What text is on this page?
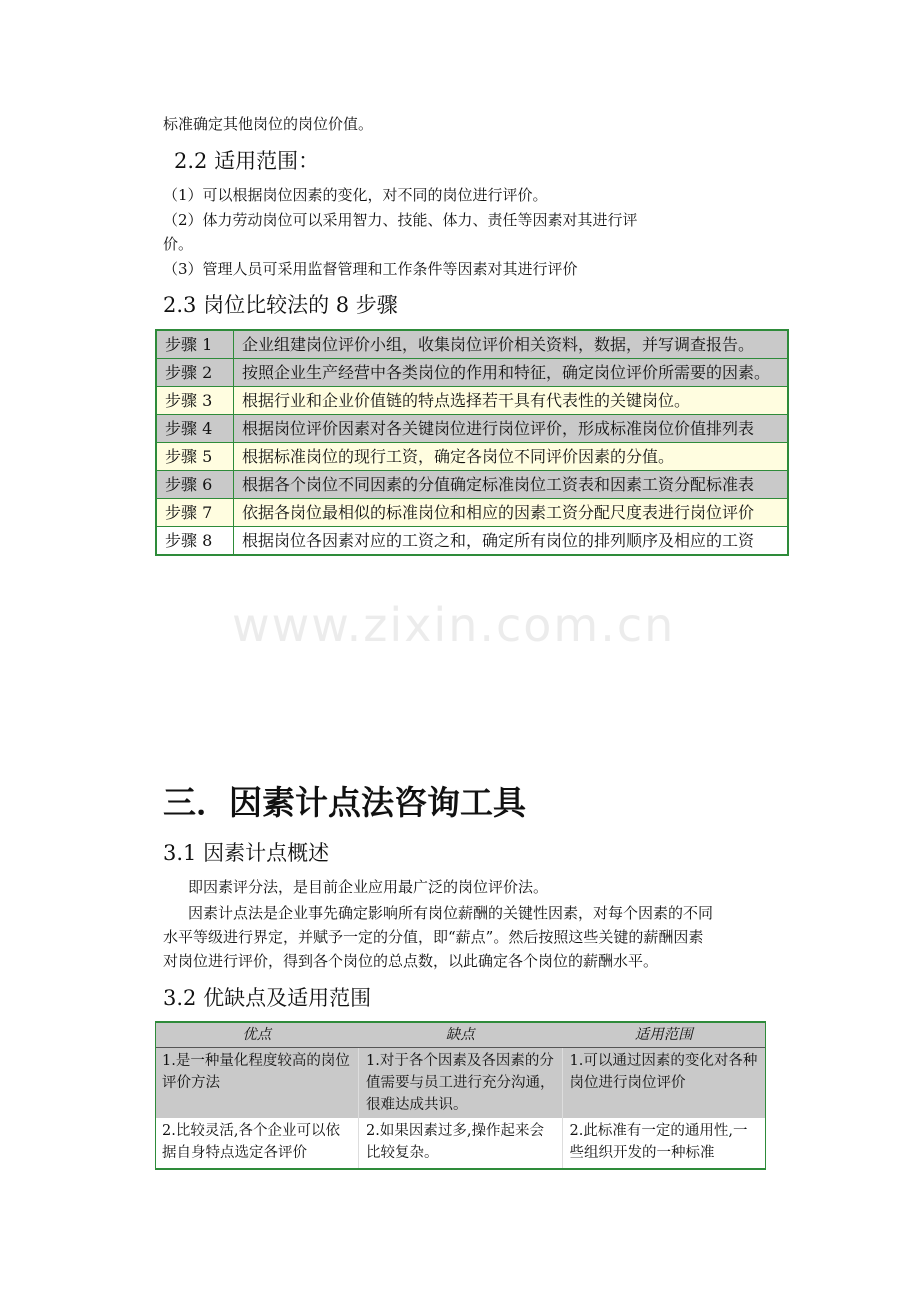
标准确定其他岗位的岗位价值。
2.2 适用范围：
（1）可以根据岗位因素的变化，对不同的岗位进行评价。
（2）体力劳动岗位可以采用智力、技能、体力、责任等因素对其进行评
价。
（3）管理人员可采用监督管理和工作条件等因素对其进行评价
2.3 岗位比较法的 8 步骤
步骤 1	企业组建岗位评价小组，收集岗位评价相关资料，数据，并写调查报告。
步骤 2	按照企业生产经营中各类岗位的作用和特征，确定岗位评价所需要的因素。
步骤 3	根据行业和企业价值链的特点选择若干具有代表性的关键岗位。
步骤 4	根据岗位评价因素对各关键岗位进行岗位评价，形成标准岗位价值排列表
步骤 5	根据标准岗位的现行工资，确定各岗位不同评价因素的分值。
步骤 6	根据各个岗位不同因素的分值确定标准岗位工资表和因素工资分配标准表
步骤 7	依据各岗位最相似的标准岗位和相应的因素工资分配尺度表进行岗位评价
步骤 8	根据岗位各因素对应的工资之和，确定所有岗位的排列顺序及相应的工资
www.zixin.com.cn
三．因素计点法咨询工具
3.1 因素计点概述
即因素评分法，是目前企业应用最广泛的岗位评价法。
因素计点法是企业事先确定影响所有岗位薪酬的关键性因素，对每个因素的不同
水平等级进行界定，并赋予一定的分值，即“薪点”。然后按照这些关键的薪酬因素
对岗位进行评价，得到各个岗位的总点数，以此确定各个岗位的薪酬水平。
3.2 优缺点及适用范围
优点	缺点	适用范围
1.是一种量化程度较高的岗位评价方法	1.对于各个因素及各因素的分值需要与员工进行充分沟通，很难达成共识。	1.可以通过因素的变化对各种岗位进行岗位评价
2.比较灵活,各个企业可以依据自身特点选定各评价	2.如果因素过多,操作起来会比较复杂。	2.此标准有一定的通用性,一些组织开发的一种标准
